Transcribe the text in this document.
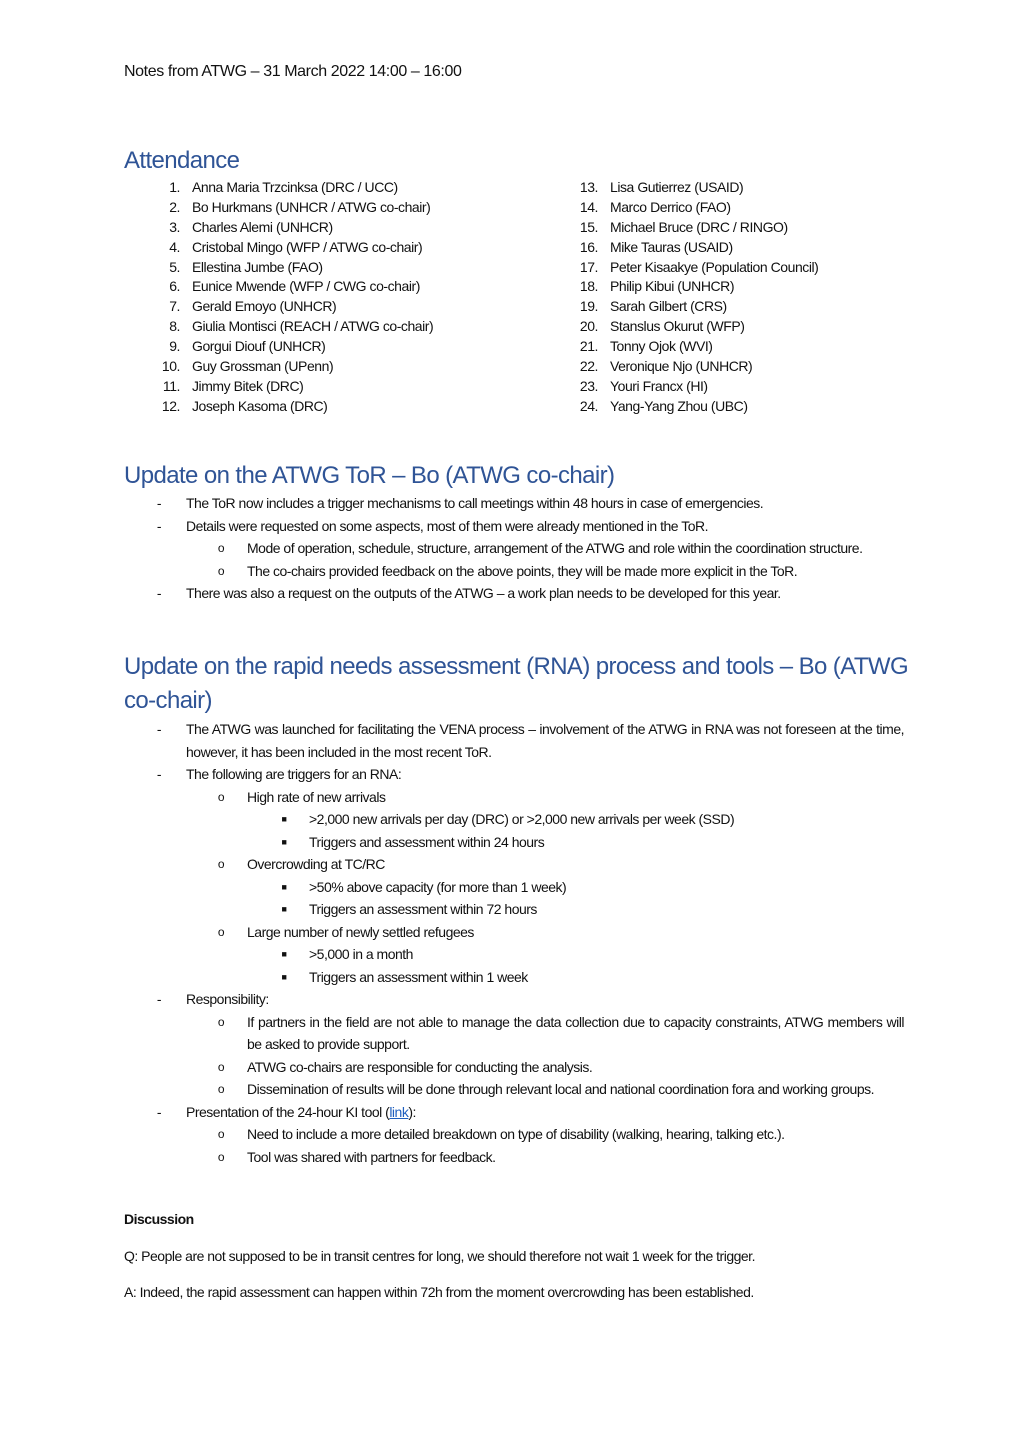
Notes from ATWG – 31 March 2022 14:00 – 16:00
Attendance
1. Anna Maria Trzcinksa (DRC / UCC)
2. Bo Hurkmans (UNHCR / ATWG co-chair)
3. Charles Alemi (UNHCR)
4. Cristobal Mingo (WFP / ATWG co-chair)
5. Ellestina Jumbe (FAO)
6. Eunice Mwende (WFP / CWG co-chair)
7. Gerald Emoyo (UNHCR)
8. Giulia Montisci (REACH / ATWG co-chair)
9. Gorgui Diouf (UNHCR)
10. Guy Grossman (UPenn)
11. Jimmy Bitek (DRC)
12. Joseph Kasoma (DRC)
13. Lisa Gutierrez (USAID)
14. Marco Derrico (FAO)
15. Michael Bruce (DRC / RINGO)
16. Mike Tauras (USAID)
17. Peter Kisaakye (Population Council)
18. Philip Kibui (UNHCR)
19. Sarah Gilbert (CRS)
20. Stanslus Okurut (WFP)
21. Tonny Ojok (WVI)
22. Veronique Njo (UNHCR)
23. Youri Francx (HI)
24. Yang-Yang Zhou (UBC)
Update on the ATWG ToR – Bo (ATWG co-chair)
-	The ToR now includes a trigger mechanisms to call meetings within 48 hours in case of emergencies.
-	Details were requested on some aspects, most of them were already mentioned in the ToR.
o Mode of operation, schedule, structure, arrangement of the ATWG and role within the coordination structure.
o The co-chairs provided feedback on the above points, they will be made more explicit in the ToR.
-	There was also a request on the outputs of the ATWG – a work plan needs to be developed for this year.
Update on the rapid needs assessment (RNA) process and tools – Bo (ATWG co-chair)
-	The ATWG was launched for facilitating the VENA process – involvement of the ATWG in RNA was not foreseen at the time, however, it has been included in the most recent ToR.
-	The following are triggers for an RNA:
o High rate of new arrivals
■	>2,000 new arrivals per day (DRC) or >2,000 new arrivals per week (SSD)
■	Triggers and assessment within 24 hours
o Overcrowding at TC/RC
■	>50% above capacity (for more than 1 week)
■	Triggers an assessment within 72 hours
o Large number of newly settled refugees
■	>5,000 in a month
■	Triggers an assessment within 1 week
-	Responsibility:
o If partners in the field are not able to manage the data collection due to capacity constraints, ATWG members will be asked to provide support.
o ATWG co-chairs are responsible for conducting the analysis.
o Dissemination of results will be done through relevant local and national coordination fora and working groups.
-	Presentation of the 24-hour KI tool (link):
o Need to include a more detailed breakdown on type of disability (walking, hearing, talking etc.).
o Tool was shared with partners for feedback.
Discussion
Q: People are not supposed to be in transit centres for long, we should therefore not wait 1 week for the trigger.
A: Indeed, the rapid assessment can happen within 72h from the moment overcrowding has been established.
